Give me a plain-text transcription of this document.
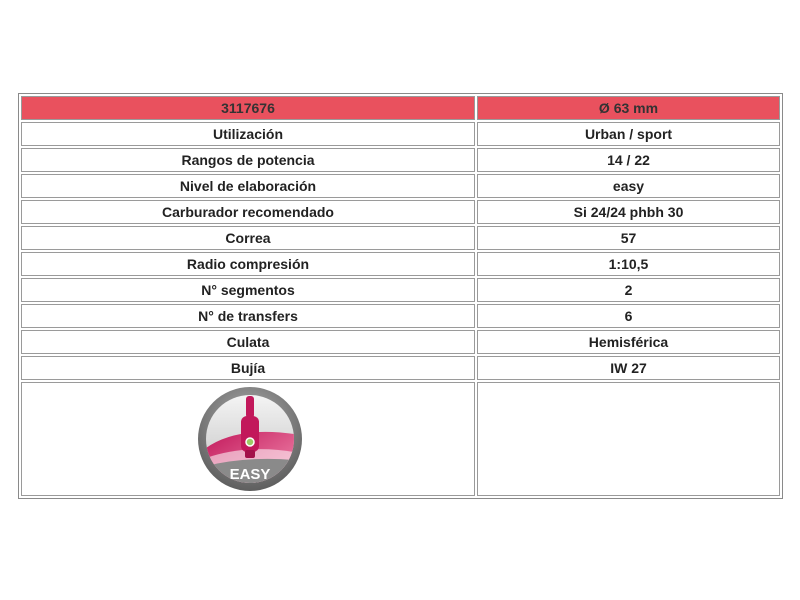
3117676	Ø 63 mm
Utilización	Urban / sport
Rangos de potencia	14 / 22
Nivel de elaboración	easy
Carburador recomendado	Si 24/24 phbh 30
Correa	57
Radio compresión	1:10,5
N° segmentos	2
N° de transfers	6
Culata	Hemisférica
Bujía	IW 27

EASY	
